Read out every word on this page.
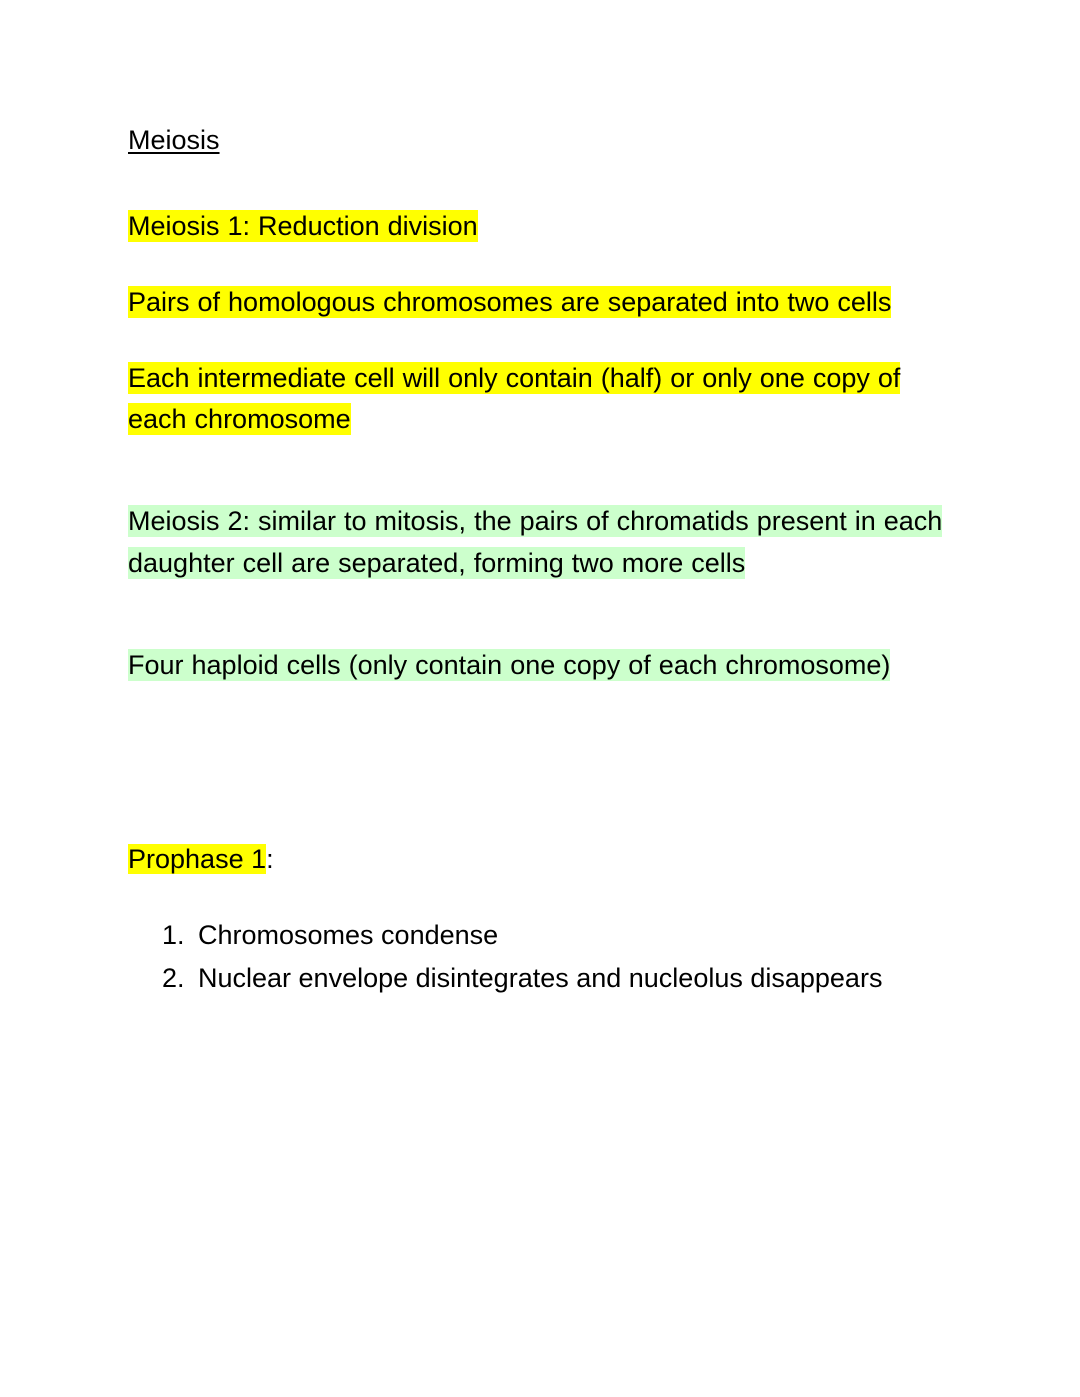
Meiosis

Meiosis 1: Reduction division

Pairs of homologous chromosomes are separated into two cells

Each intermediate cell will only contain (half) or only one copy of each chromosome

Meiosis 2: similar to mitosis, the pairs of chromatids present in each daughter cell are separated, forming two more cells

Four haploid cells (only contain one copy of each chromosome)

Prophase 1:

1. Chromosomes condense
2. Nuclear envelope disintegrates and nucleolus disappears
